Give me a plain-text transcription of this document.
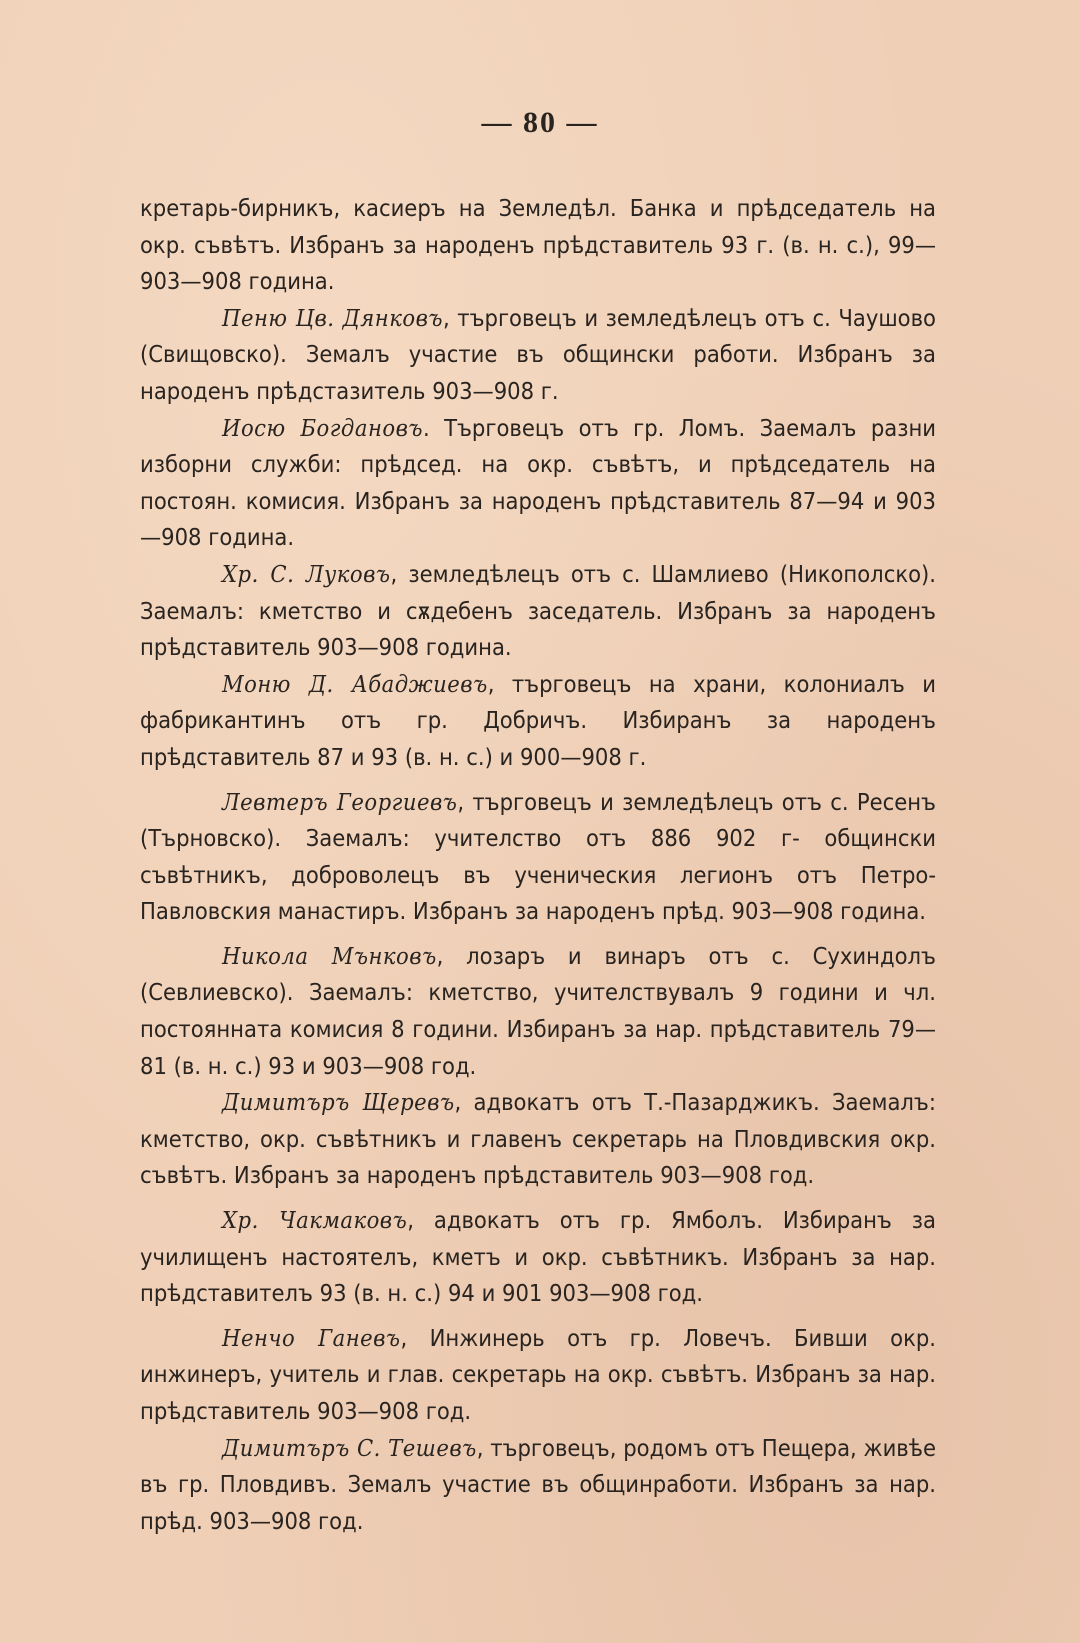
— 80 —

кретарь-бирникъ, касиеръ на Земледѣл. Банка и прѣдседатель на окр. съвѣтъ. Избранъ за народенъ прѣдставитель 93 г. (в. н. с.), 99—903—908 година.

Пеню Цв. Дянковъ, търговецъ и земледѣлецъ отъ с. Чаушово (Свищовско). Земалъ участие въ общински работи. Избранъ за народенъ прѣдстазитель 903—908 г.

Иосю Богдановъ. Търговецъ отъ гр. Ломъ. Заемалъ разни изборни служби: прѣдсед. на окр. съвѣтъ, и прѣдседатель на постоян. комисия. Избранъ за народенъ прѣдставитель 87—94 и 903—908 година.

Хр. С. Луковъ, земледѣлецъ отъ с. Шамлиево (Никополско). Заемалъ: кметство и сѫдебенъ заседатель. Избранъ за народенъ прѣдставитель 903—908 година.

Моню Д. Абаджиевъ, търговецъ на храни, колониалъ и фабрикантинъ отъ гр. Добричъ. Избиранъ за народенъ прѣдставитель 87 и 93 (в. н. с.) и 900—908 г.

Левтеръ Георгиевъ, търговецъ и земледѣлецъ отъ с. Ресенъ (Търновско). Заемалъ: учителство отъ 886 902 г- общински съвѣтникъ, доброволецъ въ ученическия легионъ отъ Петро-Павловския манастиръ. Избранъ за народенъ прѣд. 903—908 година.

Никола Мънковъ, лозаръ и винаръ отъ с. Сухиндолъ (Севлиевско). Заемалъ: кметство, учителствувалъ 9 години и чл. постоянната комисия 8 години. Избиранъ за нар. прѣдставитель 79—81 (в. н. с.) 93 и 903—908 год.

Димитъръ Щеревъ, адвокатъ отъ Т.-Пазарджикъ. Заемалъ: кметство, окр. съвѣтникъ и главенъ секретарь на Пловдивския окр. съвѣтъ. Избранъ за народенъ прѣдставитель 903—908 год.

Хр. Чакмаковъ, адвокатъ отъ гр. Ямболъ. Избиранъ за училищенъ настоятелъ, кметъ и окр. съвѣтникъ. Избранъ за нар. прѣдставителъ 93 (в. н. с.) 94 и 901 903—908 год.

Ненчо Ганевъ, Инжинерь отъ гр. Ловечъ. Бивши окр. инжинеръ, учитель и глав. секретарь на окр. съвѣтъ. Избранъ за нар. прѣдставитель 903—908 год.

Димитъръ С. Тешевъ, търговецъ, родомъ отъ Пещера, живѣе въ гр. Пловдивъ. Земалъ участие въ общинработи. Избранъ за нар. прѣд. 903—908 год.
